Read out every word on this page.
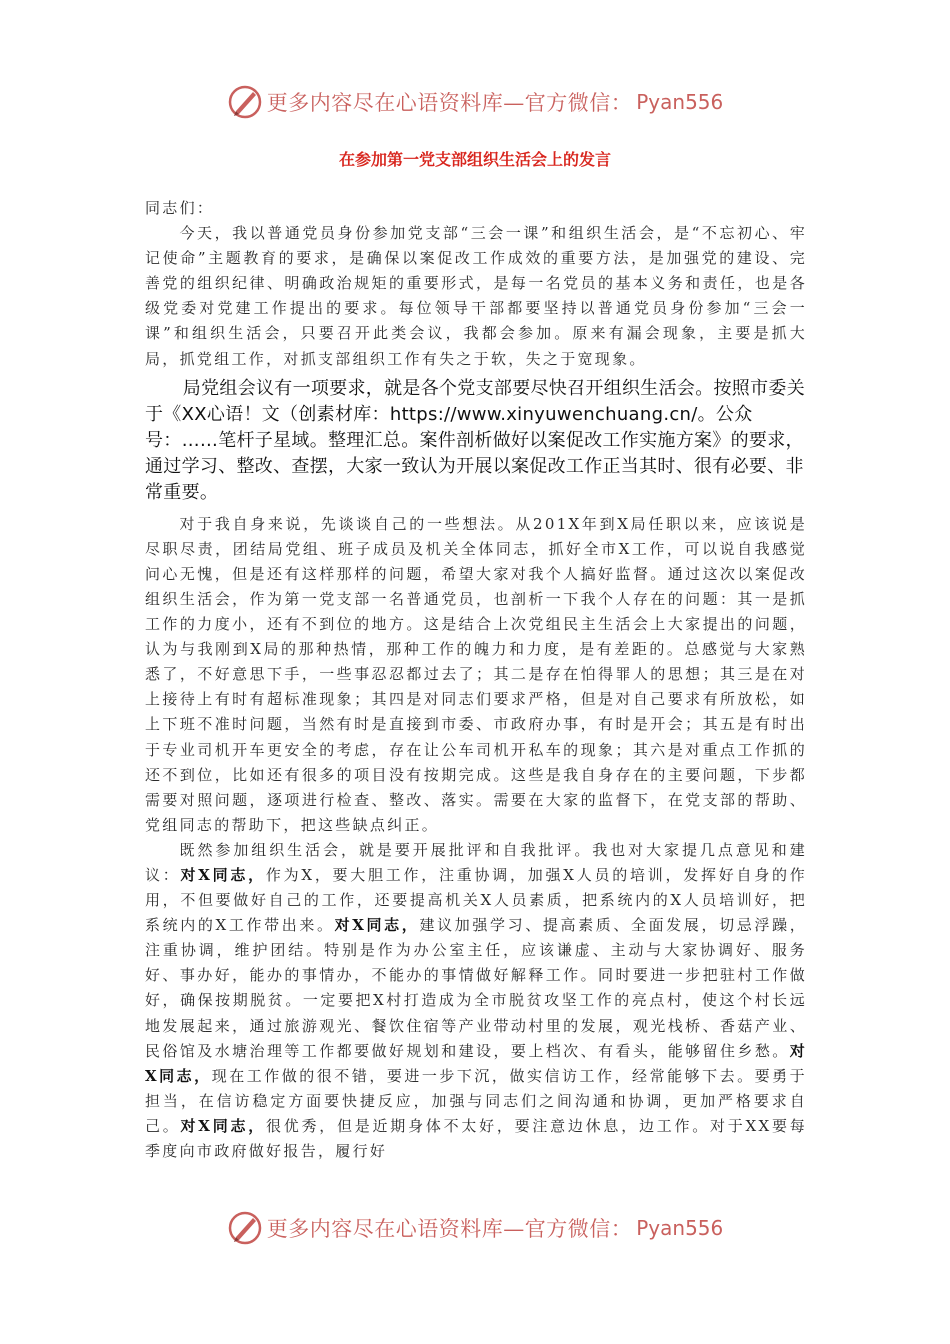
更多内容尽在心语资料库—官方微信： Pyan556
在参加第一党支部组织生活会上的发言

同志们：

今天，我以普通党员身份参加党支部“三会一课”和组织生活会，是“不忘初心、牢记使命”主题教育的要求，是确保以案促改工作成效的重要方法，是加强党的建设、完善党的组织纪律、明确政治规矩的重要形式，是每一名党员的基本义务和责任，也是各级党委对党建工作提出的要求。每位领导干部都要坚持以普通党员身份参加“三会一课”和组织生活会，只要召开此类会议，我都会参加。原来有漏会现象，主要是抓大局，抓党组工作，对抓支部组织工作有失之于软，失之于宽现象。

局党组会议有一项要求，就是各个党支部要尽快召开组织生活会。按照市委关于《XX心语！文（创素材库：https://www.xinyuwenchuang.cn/。公众号：……笔杆子星域。整理汇总。案件剖析做好以案促改工作实施方案》的要求，通过学习、整改、查摆，大家一致认为开展以案促改工作正当其时、很有必要、非常重要。

对于我自身来说，先谈谈自己的一些想法。从201X年到X局任职以来，应该说是尽职尽责，团结局党组、班子成员及机关全体同志，抓好全市X工作，可以说自我感觉问心无愧，但是还有这样那样的问题，希望大家对我个人搞好监督。通过这次以案促改组织生活会，作为第一党支部一名普通党员，也剖析一下我个人存在的问题：其一是抓工作的力度小，还有不到位的地方。这是结合上次党组民主生活会上大家提出的问题，认为与我刚到X局的那种热情，那种工作的魄力和力度，是有差距的。总感觉与大家熟悉了，不好意思下手，一些事忍忍都过去了；其二是存在怕得罪人的思想；其三是在对上接待上有时有超标准现象；其四是对同志们要求严格，但是对自己要求有所放松，如上下班不准时问题，当然有时是直接到市委、市政府办事，有时是开会；其五是有时出于专业司机开车更安全的考虑，存在让公车司机开私车的现象；其六是对重点工作抓的还不到位，比如还有很多的项目没有按期完成。这些是我自身存在的主要问题，下步都需要对照问题，逐项进行检查、整改、落实。需要在大家的监督下，在党支部的帮助、党组同志的帮助下，把这些缺点纠正。

既然参加组织生活会，就是要开展批评和自我批评。我也对大家提几点意见和建议：对X同志，作为X，要大胆工作，注重协调，加强X人员的培训，发挥好自身的作用，不但要做好自己的工作，还要提高机关X人员素质，把系统内的X人员培训好，把系统内的X工作带出来。对X同志，建议加强学习、提高素质、全面发展，切忌浮躁，注重协调，维护团结。特别是作为办公室主任，应该谦虚、主动与大家协调好、服务好、事办好，能办的事情办，不能办的事情做好解释工作。同时要进一步把驻村工作做好，确保按期脱贫。一定要把X村打造成为全市脱贫攻坚工作的亮点村，使这个村长远地发展起来，通过旅游观光、餐饮住宿等产业带动村里的发展，观光栈桥、香菇产业、民俗馆及水塘治理等工作都要做好规划和建设，要上档次、有看头，能够留住乡愁。对X同志，现在工作做的很不错，要进一步下沉，做实信访工作，经常能够下去。要勇于担当，在信访稳定方面要快捷反应，加强与同志们之间沟通和协调，更加严格要求自己。对X同志，很优秀，但是近期身体不太好，要注意边休息，边工作。对于XX要每季度向市政府做好报告，履行好

更多内容尽在心语资料库—官方微信： Pyan556
